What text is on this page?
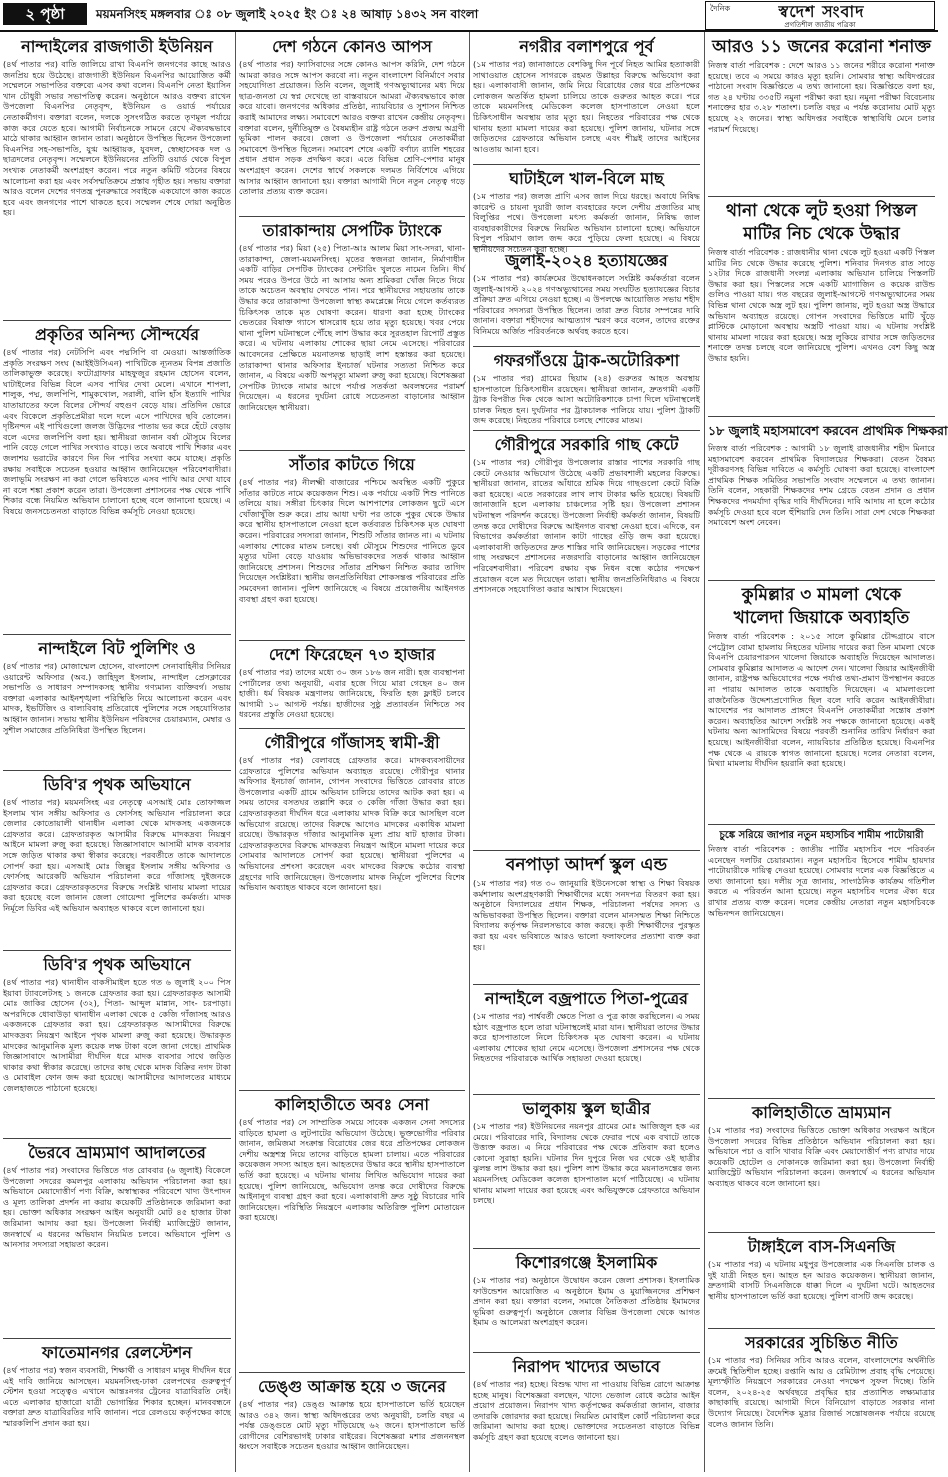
২ পৃষ্ঠা	ময়মনসিংহ মঙ্গলবার ঃ ০৮ জুলাই ২০২৫ ইং ঃ ২৪ আষাঢ় ১৪৩২ সন বাংলা	দৈনিক	স্বদেশ সংবাদ
প্রগতিশীল জাতীয় পত্রিকা
নান্দাইলের রাজগাতী ইউনিয়ন
(৪র্থ পাতার পর) বাতি জালিয়ে রাখা বিএনপি জনগণের কাছে আরও জনপ্রিয় হয়ে উঠেছে। রাজগাতী ইউনিয়ন বিএনপির আয়োজিত কর্মী সম্মেলনে সভাপতির বক্তব্যে এসব কথা বলেন। বিএনপি নেতা ইয়াসিন খান চৌধুরী সভার সভাপতিত্ব করেন। অনুষ্ঠানে আরও বক্তব্য রাখেন উপজেলা বিএনপির নেতৃবৃন্দ, ইউনিয়ন ও ওয়ার্ড পর্যায়ের নেতাকর্মীগণ। বক্তারা বলেন, দলকে সুসংগঠিত করতে তৃণমূল পর্যায়ে কাজ করে যেতে হবে। আগামী নির্বাচনকে সামনে রেখে ঐক্যবদ্ধভাবে মাঠে থাকার আহ্বান জানান তারা। অনুষ্ঠানে উপস্থিত ছিলেন উপজেলা বিএনপির সহ-সভাপতি, যুগ্ম আহ্বায়ক, যুবদল, স্বেচ্ছাসেবক দল ও ছাত্রদলের নেতৃবৃন্দ। সম্মেলনে ইউনিয়নের প্রতিটি ওয়ার্ড থেকে বিপুল সংখ্যক নেতাকর্মী অংশগ্রহণ করেন। পরে নতুন কমিটি গঠনের বিষয়ে আলোচনা করা হয় এবং সর্বসম্মতিক্রমে প্রস্তাব গৃহীত হয়। সভায় বক্তারা আরও বলেন দেশের গণতন্ত্র পুনরুদ্ধারে সবাইকে একযোগে কাজ করতে হবে এবং জনগণের পাশে থাকতে হবে। সম্মেলন শেষে দোয়া অনুষ্ঠিত হয়।
প্রকৃতির অনিন্দ্য সৌন্দর্যের
(৪র্থ পাতার পর) নেটসিপি এবং পদ্মসিপি বা মেওয়া। আন্তর্জাতিক প্রকৃতি সংরক্ষণ সংঘ (আইইউসিএন) পাখিটিকে ন্যূনতম বিপন্ন প্রজাতি তালিকাভুক্ত করেছে। ফটোগ্রাফার মাহফুজুর রহমান হোসেন বলেন, ঘাটাইলের বিভিন্ন বিলে এসব পাখির দেখা মেলে। এখানে শাপলা, শালুক, পদ্ম, জলপিপি, শামুকখোল, সরালী, বালি হাঁস ইত্যাদি পাখির যাতায়াতের ফলে বিলের সৌন্দর্য বহুগুণ বেড়ে যায়। প্রতিদিন ভোরে এবং বিকেলে প্রকৃতিপ্রেমীরা দলে দলে এসে পাখিদের ছবি তোলেন। দৃষ্টিনন্দন এই পাখিগুলো জলজ উদ্ভিদের পাতায় ভর করে হেঁটে বেড়ায় বলে এদের জলপিপি বলা হয়। স্থানীয়রা জানান বর্ষা মৌসুমে বিলের পানি বেড়ে গেলে পাখির সংখ্যাও বাড়ে। তবে অবাধে পাখি শিকার এবং জলাশয় ভরাটের কারণে দিন দিন পাখির সংখ্যা কমে যাচ্ছে। প্রকৃতি রক্ষায় সবাইকে সচেতন হওয়ার আহ্বান জানিয়েছেন পরিবেশবাদীরা। জলাভূমি সংরক্ষণ না করা গেলে ভবিষ্যতে এসব পাখি আর দেখা যাবে না বলে শঙ্কা প্রকাশ করেন তারা। উপজেলা প্রশাসনের পক্ষ থেকে পাখি শিকার বন্ধে নিয়মিত অভিযান চালানো হচ্ছে বলে জানানো হয়েছে। এ বিষয়ে জনসচেতনতা বাড়াতে বিভিন্ন কর্মসূচি নেওয়া হয়েছে।
নান্দাইলে বিট পুলিশিং ও
(৪র্থ পাতার পর) মোজাম্মেল হোসেন, বাংলাদেশ সেনাবাহিনীর সিনিয়র ওয়ারেন্ট অফিসার (অব.) জাহিদুল ইসলাম, নান্দাইল প্রেসক্লাবের সভাপতি ও সাধারণ সম্পাদকসহ স্থানীয় গণ্যমান্য ব্যক্তিবর্গ। সভায় বক্তারা এলাকার আইনশৃঙ্খলা পরিস্থিতি নিয়ে আলোচনা করেন এবং মাদক, ইভটিজিং ও বাল্যবিবাহ প্রতিরোধে পুলিশের সঙ্গে সহযোগিতার আহ্বান জানান। সভায় স্থানীয় ইউনিয়ন পরিষদের চেয়ারম্যান, মেম্বার ও সুশীল সমাজের প্রতিনিধিরা উপস্থিত ছিলেন।
ডিবি'র পৃথক অভিযানে
(৪র্থ পাতার পর) ময়মনসিংহ এর নেতৃত্বে এসআই মোঃ তোফাজ্জল ইসলাম খান সঙ্গীয় অফিসার ও ফোর্সসহ অভিযান পরিচালনা করে জেলার কোতোয়ালী থানাধীন এলাকা থেকে মাদকসহ একজনকে গ্রেফতার করে। গ্রেফতারকৃত আসামীর বিরুদ্ধে মাদকদ্রব্য নিয়ন্ত্রণ আইনে মামলা রুজু করা হয়েছে। জিজ্ঞাসাবাদে আসামী মাদক ব্যবসার সঙ্গে জড়িত থাকার কথা স্বীকার করেছে। পরবর্তীতে তাকে আদালতে সোপর্দ করা হয়। এসআই মোঃ জিল্লুর ইসলাম সঙ্গীয় অফিসার ও ফোর্সসহ আরেকটি অভিযান পরিচালনা করে গাঁজাসহ দুইজনকে গ্রেফতার করে। গ্রেফতারকৃতদের বিরুদ্ধে সংশ্লিষ্ট থানায় মামলা দায়ের করা হয়েছে বলে জানান জেলা গোয়েন্দা পুলিশের কর্মকর্তা। মাদক নির্মূলে ডিবির এই অভিযান অব্যাহত থাকবে বলে জানানো হয়।
ডিবি'র পৃথক অভিযানে
(৪র্থ পাতার পর) থানাধীন বাকসীমাইল হতে গত ৬ জুলাই ২০০ পিস ইয়াবা ট্যাবলেটসহ ১ জনকে গ্রেফতার করা হয়। গ্রেফতারকৃত আসামী মোঃ জাকির হোসেন (৩২), পিতা- আব্দুল মান্নান, সাং- চরপাড়া। অপরদিকে ধোবাউড়া থানাধীন এলাকা থেকে ৫ কেজি গাঁজাসহ আরও একজনকে গ্রেফতার করা হয়। গ্রেফতারকৃত আসামীদের বিরুদ্ধে মাদকদ্রব্য নিয়ন্ত্রণ আইনে পৃথক মামলা রুজু করা হয়েছে। উদ্ধারকৃত মাদকের আনুমানিক মূল্য কয়েক লক্ষ টাকা বলে জানা গেছে। প্রাথমিক জিজ্ঞাসাবাদে আসামীরা দীর্ঘদিন ধরে মাদক ব্যবসার সাথে জড়িত থাকার কথা স্বীকার করেছে। তাদের কাছ থেকে মাদক বিক্রির নগদ টাকা ও মোবাইল ফোন জব্দ করা হয়েছে। আসামীদের আদালতের মাধ্যমে জেলহাজতে পাঠানো হয়েছে।
ভৈরবে ভ্রাম্যমাণ আদালতের
(৪র্থ পাতার পর) সংবাদের ভিত্তিতে গত রোববার (৬ জুলাই) বিকেলে উপজেলা সদরের কমলপুর এলাকায় অভিযান পরিচালনা করা হয়। অভিযানে মেয়াদোত্তীর্ণ পণ্য বিক্রি, অস্বাস্থ্যকর পরিবেশে খাদ্য উৎপাদন ও মূল্য তালিকা প্রদর্শন না করায় কয়েকটি প্রতিষ্ঠানকে জরিমানা করা হয়। ভোক্তা অধিকার সংরক্ষণ আইন অনুযায়ী মোট ৪৫ হাজার টাকা জরিমানা আদায় করা হয়। উপজেলা নির্বাহী ম্যাজিস্ট্রেট জানান, জনস্বার্থে এ ধরনের অভিযান নিয়মিত চলবে। অভিযানে পুলিশ ও আনসার সদস্যরা সহায়তা করেন।
ফাতেমানগর রেলস্টেশন
(৪র্থ পাতার পর) স্বজন ব্যবসায়ী, শিক্ষার্থী ও সাধারণ মানুষ দীর্ঘদিন ধরে এই দাবি জানিয়ে আসছেন। ময়মনসিংহ-ঢাকা রেলপথের গুরুত্বপূর্ণ স্টেশন হওয়া সত্ত্বেও এখানে আন্তঃনগর ট্রেনের যাত্রাবিরতি নেই। এতে এলাকার হাজারো যাত্রী ভোগান্তির শিকার হচ্ছেন। মানববন্ধনে বক্তারা দ্রুত যাত্রাবিরতির দাবি জানান। পরে রেলওয়ে কর্তৃপক্ষের কাছে স্মারকলিপি প্রদান করা হয়।
দেশ গঠনে কোনও আপস
(৪র্থ পাতার পর) ফ্যাসিবাদের সঙ্গে কোনও আপস করিনি, দেশ গঠনে আমরা কারও সঙ্গে আপস করবো না। নতুন বাংলাদেশ বিনির্মাণে সবার সহযোগিতা প্রয়োজন। তিনি বলেন, জুলাই গণঅভ্যুত্থানের মধ্য দিয়ে ছাত্র-জনতা যে স্বপ্ন দেখেছে তা বাস্তবায়নে আমরা ঐক্যবদ্ধভাবে কাজ করে যাবো। জনগণের অধিকার প্রতিষ্ঠা, ন্যায়বিচার ও সুশাসন নিশ্চিত করাই আমাদের লক্ষ্য। সমাবেশে আরও বক্তব্য রাখেন কেন্দ্রীয় নেতৃবৃন্দ। বক্তারা বলেন, দুর্নীতিমুক্ত ও বৈষম্যহীন রাষ্ট্র গঠনে তরুণ প্রজন্ম অগ্রণী ভূমিকা পালন করবে। জেলা ও উপজেলা পর্যায়ের নেতাকর্মীরা সমাবেশে উপস্থিত ছিলেন। সমাবেশ শেষে একটি বর্ণাঢ্য র‌্যালি শহরের প্রধান প্রধান সড়ক প্রদক্ষিণ করে। এতে বিভিন্ন শ্রেণি-পেশার মানুষ অংশগ্রহণ করেন। দেশের স্বার্থে সকলকে দলমত নির্বিশেষে এগিয়ে আসার আহ্বান জানানো হয়। বক্তারা আগামী দিনে নতুন নেতৃত্ব গড়ে তোলার প্রত্যয় ব্যক্ত করেন।
তারাকান্দায় সেপটিক ট্যাংকে
(৪র্থ পাতার পর) মিয়া (২৫) পিতা-আঃ আলম মিয়া সাং-সদরা, থানা-তারাকান্দা, জেলা-ময়মনসিংহ। মৃতের স্বজনরা জানান, নির্মাণাধীন একটি বাড়ির সেপটিক ট্যাংকের সেন্টারিং খুলতে নামেন তিনি। দীর্ঘ সময় পরেও উপরে উঠে না আসায় অন্য শ্রমিকরা খোঁজ নিতে গিয়ে তাকে অচেতন অবস্থায় দেখতে পান। পরে স্থানীয়দের সহায়তায় তাকে উদ্ধার করে তারাকান্দা উপজেলা স্বাস্থ্য কমপ্লেক্সে নিয়ে গেলে কর্তব্যরত চিকিৎসক তাকে মৃত ঘোষণা করেন। ধারণা করা হচ্ছে ট্যাংকের ভেতরের বিষাক্ত গ্যাসে শ্বাসরোধ হয়ে তার মৃত্যু হয়েছে। খবর পেয়ে থানা পুলিশ ঘটনাস্থলে পৌঁছে লাশ উদ্ধার করে সুরতহাল রিপোর্ট প্রস্তুত করে। এ ঘটনায় এলাকায় শোকের ছায়া নেমে এসেছে। পরিবারের আবেদনের প্রেক্ষিতে ময়নাতদন্ত ছাড়াই লাশ হস্তান্তর করা হয়েছে। তারাকান্দা থানার অফিসার ইনচার্জ ঘটনার সত্যতা নিশ্চিত করে জানান, এ বিষয়ে একটি অপমৃত্যু মামলা রুজু করা হয়েছে। বিশেষজ্ঞরা সেপটিক ট্যাংকে নামার আগে পর্যাপ্ত সতর্কতা অবলম্বনের পরামর্শ দিয়েছেন। এ ধরনের দুর্ঘটনা রোধে সচেতনতা বাড়ানোর আহ্বান জানিয়েছেন স্থানীয়রা।
সাঁতার কাটতে গিয়ে
(৪র্থ পাতার পর) নীলক্ষ্মী বাজারের পশ্চিমে অবস্থিত একটি পুকুরে সাঁতার কাটতে নামে কয়েকজন শিশু। এক পর্যায়ে একটি শিশু পানিতে তলিয়ে যায়। সঙ্গীরা চিৎকার দিলে আশপাশের লোকজন ছুটে এসে খোঁজাখুঁজি শুরু করে। প্রায় আধা ঘণ্টা পর তাকে পুকুর থেকে উদ্ধার করে স্থানীয় হাসপাতালে নেওয়া হলে কর্তব্যরত চিকিৎসক মৃত ঘোষণা করেন। পরিবারের সদস্যরা জানান, শিশুটি সাঁতার জানত না। এ ঘটনায় এলাকায় শোকের মাতম চলছে। বর্ষা মৌসুমে শিশুদের পানিতে ডুবে মৃত্যুর ঘটনা বেড়ে যাওয়ায় অভিভাবকদের সতর্ক থাকার আহ্বান জানিয়েছে প্রশাসন। শিশুদের সাঁতার প্রশিক্ষণ নিশ্চিত করার তাগিদ দিয়েছেন সংশ্লিষ্টরা। স্থানীয় জনপ্রতিনিধিরা শোকসন্তপ্ত পরিবারের প্রতি সমবেদনা জানান। পুলিশ জানিয়েছে এ বিষয়ে প্রয়োজনীয় আইনগত ব্যবস্থা গ্রহণ করা হয়েছে।
দেশে ফিরেছেন ৭৩ হাজার
(৪র্থ পাতার পর) তাদের মধ্যে ৩০ জন ১৮৬ জন নারী। হজ ব্যবস্থাপনা পোর্টালের তথ্য অনুযায়ী, এবার হজে গিয়ে মারা গেছেন ৪০ জন হাজী। ধর্ম বিষয়ক মন্ত্রণালয় জানিয়েছে, ফিরতি হজ ফ্লাইট চলবে আগামী ১০ আগস্ট পর্যন্ত। হাজীদের সুষ্ঠু প্রত্যাবর্তন নিশ্চিতে সব ধরনের প্রস্তুতি নেওয়া হয়েছে।
গৌরীপুরে গাঁজাসহ স্বামী-স্ত্রী
(৪র্থ পাতার পর) বেলাবহে গ্রেফতার করে। মাদকব্যবসায়ীদের গ্রেফতারে পুলিশের অভিযান অব্যাহত রয়েছে। গৌরীপুর থানার অফিসার ইনচার্জ জানান, গোপন সংবাদের ভিত্তিতে রোববার রাতে উপজেলার একটি গ্রামে অভিযান চালিয়ে তাদের আটক করা হয়। এ সময় তাদের বসতঘর তল্লাশি করে ৩ কেজি গাঁজা উদ্ধার করা হয়। গ্রেফতারকৃতরা দীর্ঘদিন ধরে এলাকায় মাদক বিক্রি করে আসছিল বলে অভিযোগ রয়েছে। তাদের বিরুদ্ধে আগেও মাদকের একাধিক মামলা রয়েছে। উদ্ধারকৃত গাঁজার আনুমানিক মূল্য প্রায় ষাট হাজার টাকা। গ্রেফতারকৃতদের বিরুদ্ধে মাদকদ্রব্য নিয়ন্ত্রণ আইনে মামলা দায়ের করে সোমবার আদালতে সোপর্দ করা হয়েছে। স্থানীয়রা পুলিশের এ অভিযানের প্রশংসা করেছেন এবং মাদকের বিরুদ্ধে কঠোর ব্যবস্থা গ্রহণের দাবি জানিয়েছেন। উপজেলায় মাদক নির্মূলে পুলিশের বিশেষ অভিযান অব্যাহত থাকবে বলে জানানো হয়।
কালিহাতীতে অবঃ সেনা
(৪র্থ পাতার পর) সে সাম্প্রতিক সময়ে সাবেক একজন সেনা সদস্যের বাড়িতে হামলা ও লুটপাটের অভিযোগ উঠেছে। ভুক্তভোগীর পরিবার জানান, জমিজমা সংক্রান্ত বিরোধের জের ধরে প্রতিপক্ষের লোকজন দেশীয় অস্ত্রশস্ত্র নিয়ে তাদের বাড়িতে হামলা চালায়। এতে পরিবারের কয়েকজন সদস্য আহত হন। আহতদের উদ্ধার করে স্থানীয় হাসপাতালে ভর্তি করা হয়েছে। এ ঘটনায় থানায় লিখিত অভিযোগ দায়ের করা হয়েছে। পুলিশ জানিয়েছে, অভিযোগ তদন্ত করে দোষীদের বিরুদ্ধে আইনানুগ ব্যবস্থা গ্রহণ করা হবে। এলাকাবাসী দ্রুত সুষ্ঠু বিচারের দাবি জানিয়েছেন। পরিস্থিতি নিয়ন্ত্রণে এলাকায় অতিরিক্ত পুলিশ মোতায়েন করা হয়েছে।
ডেঙ্গু আক্রান্ত হয়ে ৩ জনের
(৪র্থ পাতার পর) ডেঙ্গু আক্রান্ত হয়ে হাসপাতালে ভর্তি হয়েছেন আরও ৩৪২ জন। স্বাস্থ্য অধিদপ্তরের তথ্য অনুযায়ী, চলতি বছর এ পর্যন্ত ডেঙ্গুতে মোট মৃত্যু দাঁড়িয়েছে ৬২ জনে। হাসপাতালে ভর্তি রোগীদের বেশিরভাগই ঢাকার বাইরের। বিশেষজ্ঞরা মশার প্রজননস্থল ধ্বংসে সবাইকে সচেতন হওয়ার আহ্বান জানিয়েছেন।
নগরীর বলাশপুরে পূর্ব
(১ম পাতার পর) জানাজাতে বেশকিছু দিন পূর্বে নিহত আমির হত্যাকারী সাথাওয়াত হোসেন সাগরকে রহমত উল্লাহর বিরুদ্ধে অভিযোগ করা হয়। এলাকাবাসী জানান, জমি নিয়ে বিরোধের জের ধরে প্রতিপক্ষের লোকজন অতর্কিত হামলা চালিয়ে তাকে গুরুতর আহত করে। পরে তাকে ময়মনসিংহ মেডিকেল কলেজ হাসপাতালে নেওয়া হলে চিকিৎসাধীন অবস্থায় তার মৃত্যু হয়। নিহতের পরিবারের পক্ষ থেকে থানায় হত্যা মামলা দায়ের করা হয়েছে। পুলিশ জানায়, ঘটনার সঙ্গে জড়িতদের গ্রেফতারে অভিযান চলছে এবং শীঘ্রই তাদের আইনের আওতায় আনা হবে।
ঘাটাইলে খাল-বিলে মাছ
(১ম পাতার পর) জলজ প্রাণি এসব জাল দিয়ে ধরছে। অবাধে নিষিদ্ধ কারেন্ট ও চায়না দুয়ারী জাল ব্যবহারের ফলে দেশীয় প্রজাতির মাছ বিলুপ্তির পথে। উপজেলা মৎস্য কর্মকর্তা জানান, নিষিদ্ধ জাল ব্যবহারকারীদের বিরুদ্ধে নিয়মিত অভিযান চালানো হচ্ছে। অভিযানে বিপুল পরিমাণ জাল জব্দ করে পুড়িয়ে ফেলা হয়েছে। এ বিষয়ে স্থানীয়দের সচেতন করা হচ্ছে।
জুলাই-২০২৪ হত্যাযজ্ঞের
(১ম পাতার পর) কার্যক্রমের উদ্বোধনকালে সংশ্লিষ্ট কর্মকর্তারা বলেন জুলাই-আগস্ট ২০২৪ গণঅভ্যুত্থানের সময় সংঘটিত হত্যাযজ্ঞের বিচার প্রক্রিয়া দ্রুত এগিয়ে নেওয়া হচ্ছে। এ উপলক্ষে আয়োজিত সভায় শহীদ পরিবারের সদস্যরা উপস্থিত ছিলেন। তারা দ্রুত বিচার সম্পন্নের দাবি জানান। বক্তারা শহীদদের আত্মত্যাগ স্মরণ করে বলেন, তাদের রক্তের বিনিময়ে অর্জিত পরিবর্তনকে অর্থবহ করতে হবে।
গফরগাঁওয়ে ট্রাক-অটোরিকশা
(১ম পাতার পর) গ্রামের ছিয়াম (২৪) গুরুতর আহত অবস্থায় হাসপাতালে চিকিৎসাধীন রয়েছেন। স্থানীয়রা জানান, দ্রুতগামী একটি ট্রাক বিপরীত দিক থেকে আসা অটোরিকশাকে চাপা দিলে ঘটনাস্থলেই চালক নিহত হন। দুর্ঘটনার পর ট্রাকচালক পালিয়ে যায়। পুলিশ ট্রাকটি জব্দ করেছে। নিহতের পরিবারে চলছে শোকের মাতম।
গৌরীপুরে সরকারি গাছ কেটে
(১ম পাতার পর) গৌরীপুর উপজেলার রাস্তার পাশের সরকারি গাছ কেটে নেওয়ার অভিযোগ উঠেছে একটি প্রভাবশালী মহলের বিরুদ্ধে। স্থানীয়রা জানান, রাতের আঁধারে শ্রমিক দিয়ে গাছগুলো কেটে বিক্রি করা হয়েছে। এতে সরকারের লাখ লাখ টাকার ক্ষতি হয়েছে। বিষয়টি জানাজানি হলে এলাকায় চাঞ্চল্যের সৃষ্টি হয়। উপজেলা প্রশাসন ঘটনাস্থল পরিদর্শন করেছে। উপজেলা নির্বাহী কর্মকর্তা জানান, বিষয়টি তদন্ত করে দোষীদের বিরুদ্ধে আইনগত ব্যবস্থা নেওয়া হবে। এদিকে, বন বিভাগের কর্মকর্তারা জানান কাটা গাছের গুঁড়ি জব্দ করা হয়েছে। এলাকাবাসী জড়িতদের দ্রুত শাস্তির দাবি জানিয়েছেন। সড়কের পাশের গাছ সংরক্ষণে প্রশাসনের নজরদারি বাড়ানোর আহ্বান জানিয়েছেন পরিবেশবাদীরা। পরিবেশ রক্ষায় বৃক্ষ নিধন বন্ধে কঠোর পদক্ষেপ প্রয়োজন বলে মত দিয়েছেন তারা। স্থানীয় জনপ্রতিনিধিরাও এ বিষয়ে প্রশাসনকে সহযোগিতা করার আশ্বাস দিয়েছেন।
বনপাড়া আদর্শ স্কুল এন্ড
(১ম পাতার পর) গত ৩০ জানুয়ারি ইউনেসকো স্বাস্থ্য ও শিক্ষা বিষয়ক কর্মশালায় অংশগ্রহণকারী শিক্ষার্থীদের মধ্যে সনদপত্র বিতরণ করা হয়। অনুষ্ঠানে বিদ্যালয়ের প্রধান শিক্ষক, পরিচালনা পর্ষদের সদস্য ও অভিভাবকরা উপস্থিত ছিলেন। বক্তারা বলেন মানসম্মত শিক্ষা নিশ্চিতে বিদ্যালয় কর্তৃপক্ষ নিরলসভাবে কাজ করছে। কৃতী শিক্ষার্থীদের পুরস্কৃত করা হয় এবং ভবিষ্যতে আরও ভালো ফলাফলের প্রত্যাশা ব্যক্ত করা হয়।
নান্দাইলে বজ্রপাতে পিতা-পুত্রের
(১ম পাতার পর) পার্শ্ববর্তী ক্ষেতে পিতা ও পুত্র কাজ করছিলেন। এ সময় হঠাৎ বজ্রপাত হলে তারা ঘটনাস্থলেই মারা যান। স্থানীয়রা তাদের উদ্ধার করে হাসপাতালে নিলে চিকিৎসক মৃত ঘোষণা করেন। এ ঘটনায় এলাকায় শোকের ছায়া নেমে এসেছে। উপজেলা প্রশাসনের পক্ষ থেকে নিহতদের পরিবারকে আর্থিক সহায়তা দেওয়া হয়েছে।
ভালুকায় স্কুল ছাত্রীর
(১ম পাতার পর) ইউনিয়নের নয়নপুর গ্রামের মোঃ আজিজুল হক এর মেয়ে। পরিবারের দাবি, বিদ্যালয় থেকে ফেরার পথে এক বখাটে তাকে উত্ত্যক্ত করত। এ নিয়ে পরিবারের পক্ষ থেকে প্রতিবাদ করা হলেও কোনো সুরাহা হয়নি। ঘটনার দিন দুপুরে নিজ ঘর থেকে ওই ছাত্রীর ঝুলন্ত লাশ উদ্ধার করা হয়। পুলিশ লাশ উদ্ধার করে ময়নাতদন্তের জন্য ময়মনসিংহ মেডিকেল কলেজ হাসপাতাল মর্গে পাঠিয়েছে। এ ঘটনায় থানায় মামলা দায়ের করা হয়েছে এবং অভিযুক্তকে গ্রেফতারে অভিযান চলছে।
কিশোরগঞ্জে ইসলামিক
(১ম পাতার পর) অনুষ্ঠানে উদ্বোধন করেন জেলা প্রশাসক। ইসলামিক ফাউন্ডেশন আয়োজিত এ অনুষ্ঠানে ইমাম ও মুয়াজ্জিনদের প্রশিক্ষণ প্রদান করা হয়। বক্তারা বলেন, সমাজে নৈতিকতা প্রতিষ্ঠায় ইমামদের ভূমিকা গুরুত্বপূর্ণ। অনুষ্ঠানে জেলার বিভিন্ন উপজেলা থেকে আগত ইমাম ও আলেমরা অংশগ্রহণ করেন।
নিরাপদ খাদ্যের অভাবে
(৪র্থ পাতার পর) হচ্ছে। বিশুদ্ধ খাদ্য না পাওয়ায় বিভিন্ন রোগে আক্রান্ত হচ্ছে মানুষ। বিশেষজ্ঞরা বলছেন, খাদ্যে ভেজাল রোধে কঠোর আইন প্রয়োগ প্রয়োজন। নিরাপদ খাদ্য কর্তৃপক্ষের কর্মকর্তারা জানান, বাজার তদারকি জোরদার করা হয়েছে। নিয়মিত মোবাইল কোর্ট পরিচালনা করে জরিমানা আদায় করা হচ্ছে। ভোক্তাদের সচেতনতা বাড়াতে বিভিন্ন কর্মসূচি গ্রহণ করা হয়েছে বলেও জানানো হয়।
আরও ১১ জনের করোনা শনাক্ত
নিজস্ব বার্তা পরিবেশক : দেশে আরও ১১ জনের শরীরে করোনা শনাক্ত হয়েছে। তবে এ সময়ে কারও মৃত্যু হয়নি। সোমবার স্বাস্থ্য অধিদপ্তরের পাঠানো সংবাদ বিজ্ঞপ্তিতে এ তথ্য জানানো হয়। বিজ্ঞপ্তিতে বলা হয়, গত ২৪ ঘণ্টায় ৩৩৫টি নমুনা পরীক্ষা করা হয়। নমুনা পরীক্ষা বিবেচনায় শনাক্তের হার ৩.২৮ শতাংশ। চলতি বছর এ পর্যন্ত করোনায় মোট মৃত্যু হয়েছে ২২ জনের। স্বাস্থ্য অধিদপ্তর সবাইকে স্বাস্থ্যবিধি মেনে চলার পরামর্শ দিয়েছে।
থানা থেকে লুট হওয়া পিস্তল
মাটির নিচ থেকে উদ্ধার
নিজস্ব বার্তা পরিবেশক : রাজধানীর থানা থেকে লুট হওয়া একটি পিস্তল মাটির নিচ থেকে উদ্ধার করেছে পুলিশ। শনিবার দিনগত রাত সাড়ে ১২টার দিকে রাজধানী সংলগ্ন এলাকায় অভিযান চালিয়ে পিস্তলটি উদ্ধার করা হয়। পিস্তলের সঙ্গে একটি ম্যাগাজিন ও কয়েক রাউন্ড গুলিও পাওয়া যায়। গত বছরের জুলাই-আগস্টে গণঅভ্যুত্থানের সময় বিভিন্ন থানা থেকে অস্ত্র লুট হয়। পুলিশ জানায়, লুট হওয়া অস্ত্র উদ্ধারে অভিযান অব্যাহত রয়েছে। গোপন সংবাদের ভিত্তিতে মাটি খুঁড়ে প্লাস্টিকে মোড়ানো অবস্থায় অস্ত্রটি পাওয়া যায়। এ ঘটনায় সংশ্লিষ্ট থানায় মামলা দায়ের করা হয়েছে। অস্ত্র লুকিয়ে রাখার সঙ্গে জড়িতদের শনাক্তে তদন্ত চলছে বলে জানিয়েছে পুলিশ। এখনও বেশ কিছু অস্ত্র উদ্ধার হয়নি।
১৮ জুলাই মহাসমাবেশ করবেন প্রাথমিক শিক্ষকরা
নিজস্ব বার্তা পরিবেশক : আগামী ১৮ জুলাই রাজধানীর শহীদ মিনারে মহাসমাবেশ করবেন প্রাথমিক বিদ্যালয়ের শিক্ষকরা। বেতন বৈষম্য দূরীকরণসহ বিভিন্ন দাবিতে এ কর্মসূচি ঘোষণা করা হয়েছে। বাংলাদেশ প্রাথমিক শিক্ষক সমিতির সভাপতি সংবাদ সম্মেলনে এ তথ্য জানান। তিনি বলেন, সহকারী শিক্ষকদের দশম গ্রেডে বেতন প্রদান ও প্রধান শিক্ষকদের পদমর্যাদা বৃদ্ধির দাবি দীর্ঘদিনের। দাবি আদায় না হলে কঠোর কর্মসূচি দেওয়া হবে বলে হুঁশিয়ারি দেন তিনি। সারা দেশ থেকে শিক্ষকরা সমাবেশে অংশ নেবেন।
কুমিল্লার ৩ মামলা থেকে
খালেদা জিয়াকে অব্যাহতি
নিজস্ব বার্তা পরিবেশক : ২০১৫ সালে কুমিল্লার চৌদ্দগ্রামে বাসে পেট্রোল বোমা হামলায় নিহতের ঘটনায় দায়ের করা তিন মামলা থেকে বিএনপি চেয়ারপারসন খালেদা জিয়াকে অব্যাহতি দিয়েছেন আদালত। সোমবার কুমিল্লার আদালত এ আদেশ দেন। খালেদা জিয়ার আইনজীবী জানান, রাষ্ট্রপক্ষ অভিযোগের পক্ষে পর্যাপ্ত তথ্য-প্রমাণ উপস্থাপন করতে না পারায় আদালত তাকে অব্যাহতি দিয়েছেন। এ মামলাগুলো রাজনৈতিক উদ্দেশ্যপ্রণোদিত ছিল বলে দাবি করেন আইনজীবীরা। আদেশের পর আদালত প্রাঙ্গণে বিএনপি নেতাকর্মীরা সন্তোষ প্রকাশ করেন। অব্যাহতির আদেশ সংশ্লিষ্ট সব পক্ষকে জানানো হয়েছে। একই ঘটনায় অন্য আসামিদের বিষয়ে পরবর্তী শুনানির তারিখ নির্ধারণ করা হয়েছে। আইনজীবীরা বলেন, ন্যায়বিচার প্রতিষ্ঠিত হয়েছে। বিএনপির পক্ষ থেকে এ রায়কে স্বাগত জানানো হয়েছে। দলের নেতারা বলেন, মিথ্যা মামলায় দীর্ঘদিন হয়রানি করা হয়েছে।
চুঙ্কে সরিয়ে জাপার নতুন মহাসচিব শামীম পাটোয়ারী
নিজস্ব বার্তা পরিবেশক : জাতীয় পার্টির মহাসচিব পদে পরিবর্তন এনেছেন দলটির চেয়ারম্যান। নতুন মহাসচিব হিসেবে শামীম হায়দার পাটোয়ারীকে দায়িত্ব দেওয়া হয়েছে। সোমবার দলের এক বিজ্ঞপ্তিতে এ তথ্য জানানো হয়। দলীয় সূত্র জানায়, সাংগঠনিক কার্যক্রম গতিশীল করতে এ পরিবর্তন আনা হয়েছে। নতুন মহাসচিব দলের ঐক্য ধরে রাখার প্রত্যয় ব্যক্ত করেন। দলের কেন্দ্রীয় নেতারা নতুন মহাসচিবকে অভিনন্দন জানিয়েছেন।
কালিহাতীতে ভ্রাম্যমান
(১ম পাতার পর) সংবাদের ভিত্তিতে ভোক্তা অধিকার সংরক্ষণ আইনে উপজেলা সদরের বিভিন্ন প্রতিষ্ঠানে অভিযান পরিচালনা করা হয়। অভিযানে পচা ও বাসি খাবার বিক্রি এবং মেয়াদোত্তীর্ণ পণ্য রাখার দায়ে কয়েকটি হোটেল ও দোকানকে জরিমানা করা হয়। উপজেলা নির্বাহী ম্যাজিস্ট্রেট অভিযান পরিচালনা করেন। জনস্বার্থে এ ধরনের অভিযান অব্যাহত থাকবে বলে জানানো হয়।
টাঙ্গাইলে বাস-সিএনজি
(১ম পাতার পর) এ ঘটনায় মধুপুর উপজেলার এক সিএনজি চালক ও দুই যাত্রী নিহত হন। আহত হন আরও কয়েকজন। স্থানীয়রা জানান, দ্রুতগামী বাসটি সিএনজিকে ধাক্কা দিলে এ দুর্ঘটনা ঘটে। আহতদের স্থানীয় হাসপাতালে ভর্তি করা হয়েছে। পুলিশ বাসটি জব্দ করেছে।
সরকারের সুচিন্তিত নীতি
(১ম পাতার পর) সিনিয়র সচিব আরও বলেন, বাংলাদেশের অর্থনীতি ক্রমেই স্থিতিশীল হচ্ছে। রপ্তানি আয় ও রেমিট্যান্স প্রবাহ বৃদ্ধি পেয়েছে। মূল্যস্ফীতি নিয়ন্ত্রণে সরকারের নেওয়া পদক্ষেপ সুফল দিচ্ছে। তিনি বলেন, ২০২৪-২৫ অর্থবছরে প্রবৃদ্ধির হার প্রত্যাশিত লক্ষ্যমাত্রার কাছাকাছি রয়েছে। আগামী দিনে বিনিয়োগ বাড়াতে সরকার নানা উদ্যোগ নিয়েছে। বৈদেশিক মুদ্রার রিজার্ভ সন্তোষজনক পর্যায়ে রয়েছে বলেও জানান তিনি।
